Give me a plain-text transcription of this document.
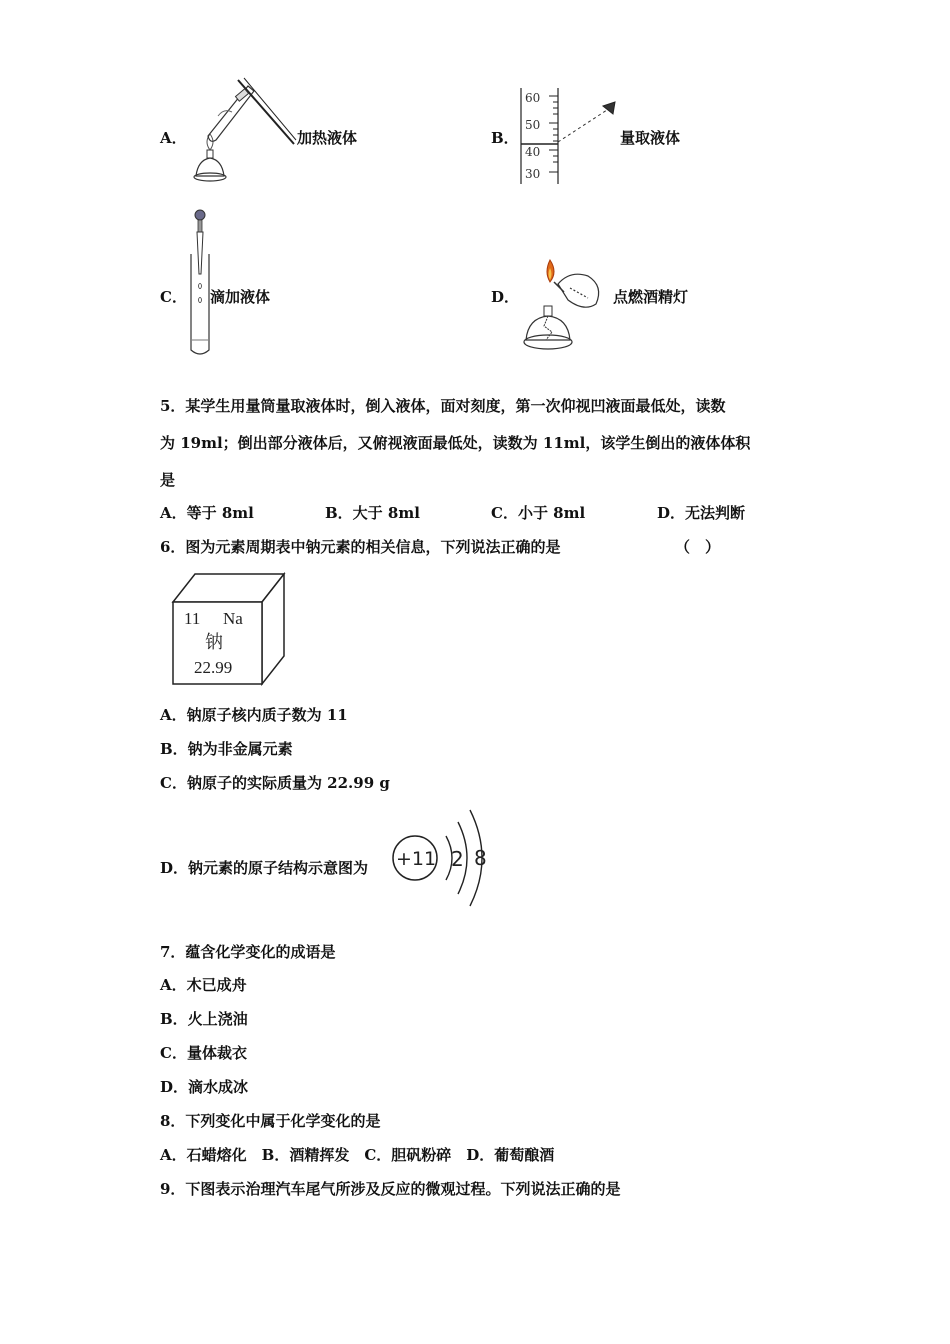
A．	加热液体	B．
60
50
40
30
量取液体
C． 滴加液体	D．	点燃酒精灯
5．某学生用量筒量取液体时，倒入液体，面对刻度，第一次仰视凹液面最低处，读数
为 19ml；倒出部分液体后，又俯视液面最低处，读数为 11ml，该学生倒出的液体体积
是
A．等于 8ml	B．大于 8ml	C．小于 8ml	D．无法判断
6．图为元素周期表中钠元素的相关信息，下列说法正确的是	（　）
11 Na
钠
22.99
A．钠原子核内质子数为 11
B．钠为非金属元素
C．钠原子的实际质量为 22.99 g
D．钠元素的原子结构示意图为 +11 2 8
7．蕴含化学变化的成语是
A．木已成舟
B．火上浇油
C．量体裁衣
D．滴水成冰
8．下列变化中属于化学变化的是
A．石蜡熔化　B．酒精挥发　C．胆矾粉碎　D．葡萄酿酒
9．下图表示治理汽车尾气所涉及反应的微观过程。下列说法正确的是
